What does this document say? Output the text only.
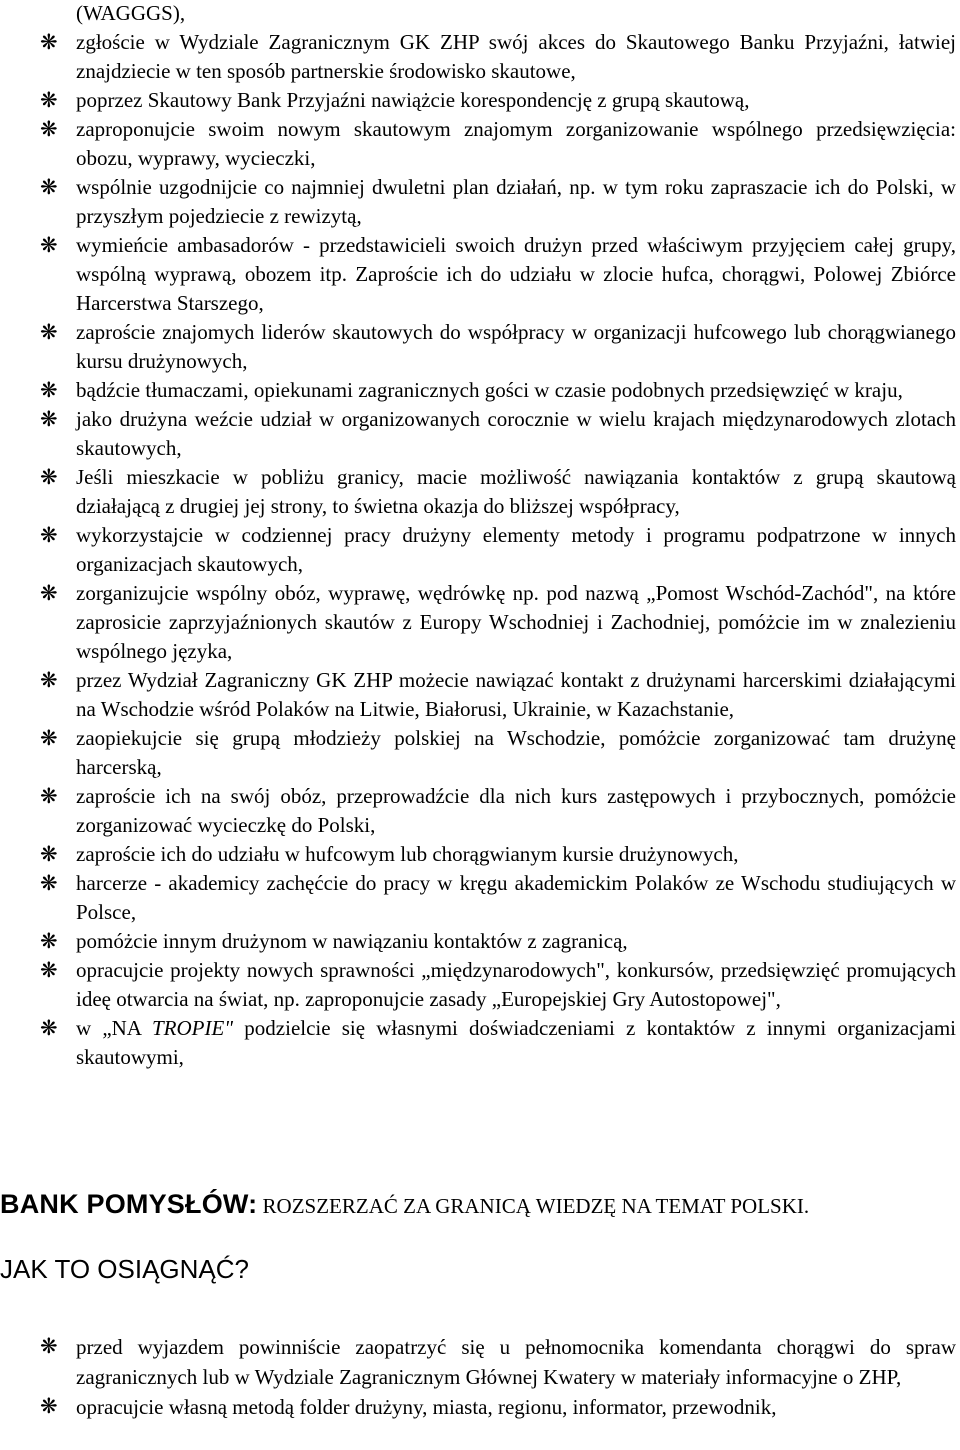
(WAGGGS),
❋ zgłoście w Wydziale Zagranicznym GK ZHP swój akces do Skautowego Banku Przyjaźni, łatwiej znajdziecie w ten sposób partnerskie środowisko skautowe,
❋ poprzez Skautowy Bank Przyjaźni nawiążcie korespondencję z grupą skautową,
❋ zaproponujcie swoim nowym skautowym znajomym zorganizowanie wspólnego przedsięwzięcia: obozu, wyprawy, wycieczki,
❋ wspólnie uzgodnijcie co najmniej dwuletni plan działań, np. w tym roku zapraszacie ich do Polski, w przyszłym pojedziecie z rewizytą,
❋ wymieńcie ambasadorów - przedstawicieli swoich drużyn przed właściwym przyjęciem całej grupy, wspólną wyprawą, obozem itp. Zaproście ich do udziału w zlocie hufca, chorągwi, Polowej Zbiórce Harcerstwa Starszego,
❋ zaproście znajomych liderów skautowych do współpracy w organizacji hufcowego lub chorągwianego kursu drużynowych,
❋ bądźcie tłumaczami, opiekunami zagranicznych gości w czasie podobnych przedsięwzięć w kraju,
❋ jako drużyna weźcie udział w organizowanych corocznie w wielu krajach międzynarodowych zlotach skautowych,
❋ Jeśli mieszkacie w pobliżu granicy, macie możliwość nawiązania kontaktów z grupą skautową działającą z drugiej jej strony, to świetna okazja do bliższej współpracy,
❋ wykorzystajcie w codziennej pracy drużyny elementy metody i programu podpatrzone w innych organizacjach skautowych,
❋ zorganizujcie wspólny obóz, wyprawę, wędrówkę np. pod nazwą „Pomost Wschód-Zachód", na które zaprosicie zaprzyjaźnionych skautów z Europy Wschodniej i Zachodniej, pomóżcie im w znalezieniu wspólnego języka,
❋ przez Wydział Zagraniczny GK ZHP możecie nawiązać kontakt z drużynami harcerskimi działającymi na Wschodzie wśród Polaków na Litwie, Białorusi, Ukrainie, w Kazachstanie,
❋ zaopiekujcie się grupą młodzieży polskiej na Wschodzie, pomóżcie zorganizować tam drużynę harcerską,
❋ zaproście ich na swój obóz, przeprowadźcie dla nich kurs zastępowych i przybocznych, pomóżcie zorganizować wycieczkę do Polski,
❋ zaproście ich do udziału w hufcowym lub chorągwianym kursie drużynowych,
❋ harcerze - akademicy zachęćcie do pracy w kręgu akademickim Polaków ze Wschodu studiujących w Polsce,
❋ pomóżcie innym drużynom w nawiązaniu kontaktów z zagranicą,
❋ opracujcie projekty nowych sprawności „międzynarodowych", konkursów, przedsięwzięć promujących ideę otwarcia na świat, np. zaproponujcie zasady „Europejskiej Gry Autostopowej",
❋ w „NA TROPIE" podzielcie się własnymi doświadczeniami z kontaktów z innymi organizacjami skautowymi,
BANK POMYSŁÓW: ROZSZERZAĆ ZA GRANICĄ WIEDZĘ NA TEMAT POLSKI.
JAK TO OSIĄGNĄĆ?
❋ przed wyjazdem powinniście zaopatrzyć się u pełnomocnika komendanta chorągwi do spraw zagranicznych lub w Wydziale Zagranicznym Głównej Kwatery w materiały informacyjne o ZHP,
❋ opracujcie własną metodą folder drużyny, miasta, regionu, informator, przewodnik,
